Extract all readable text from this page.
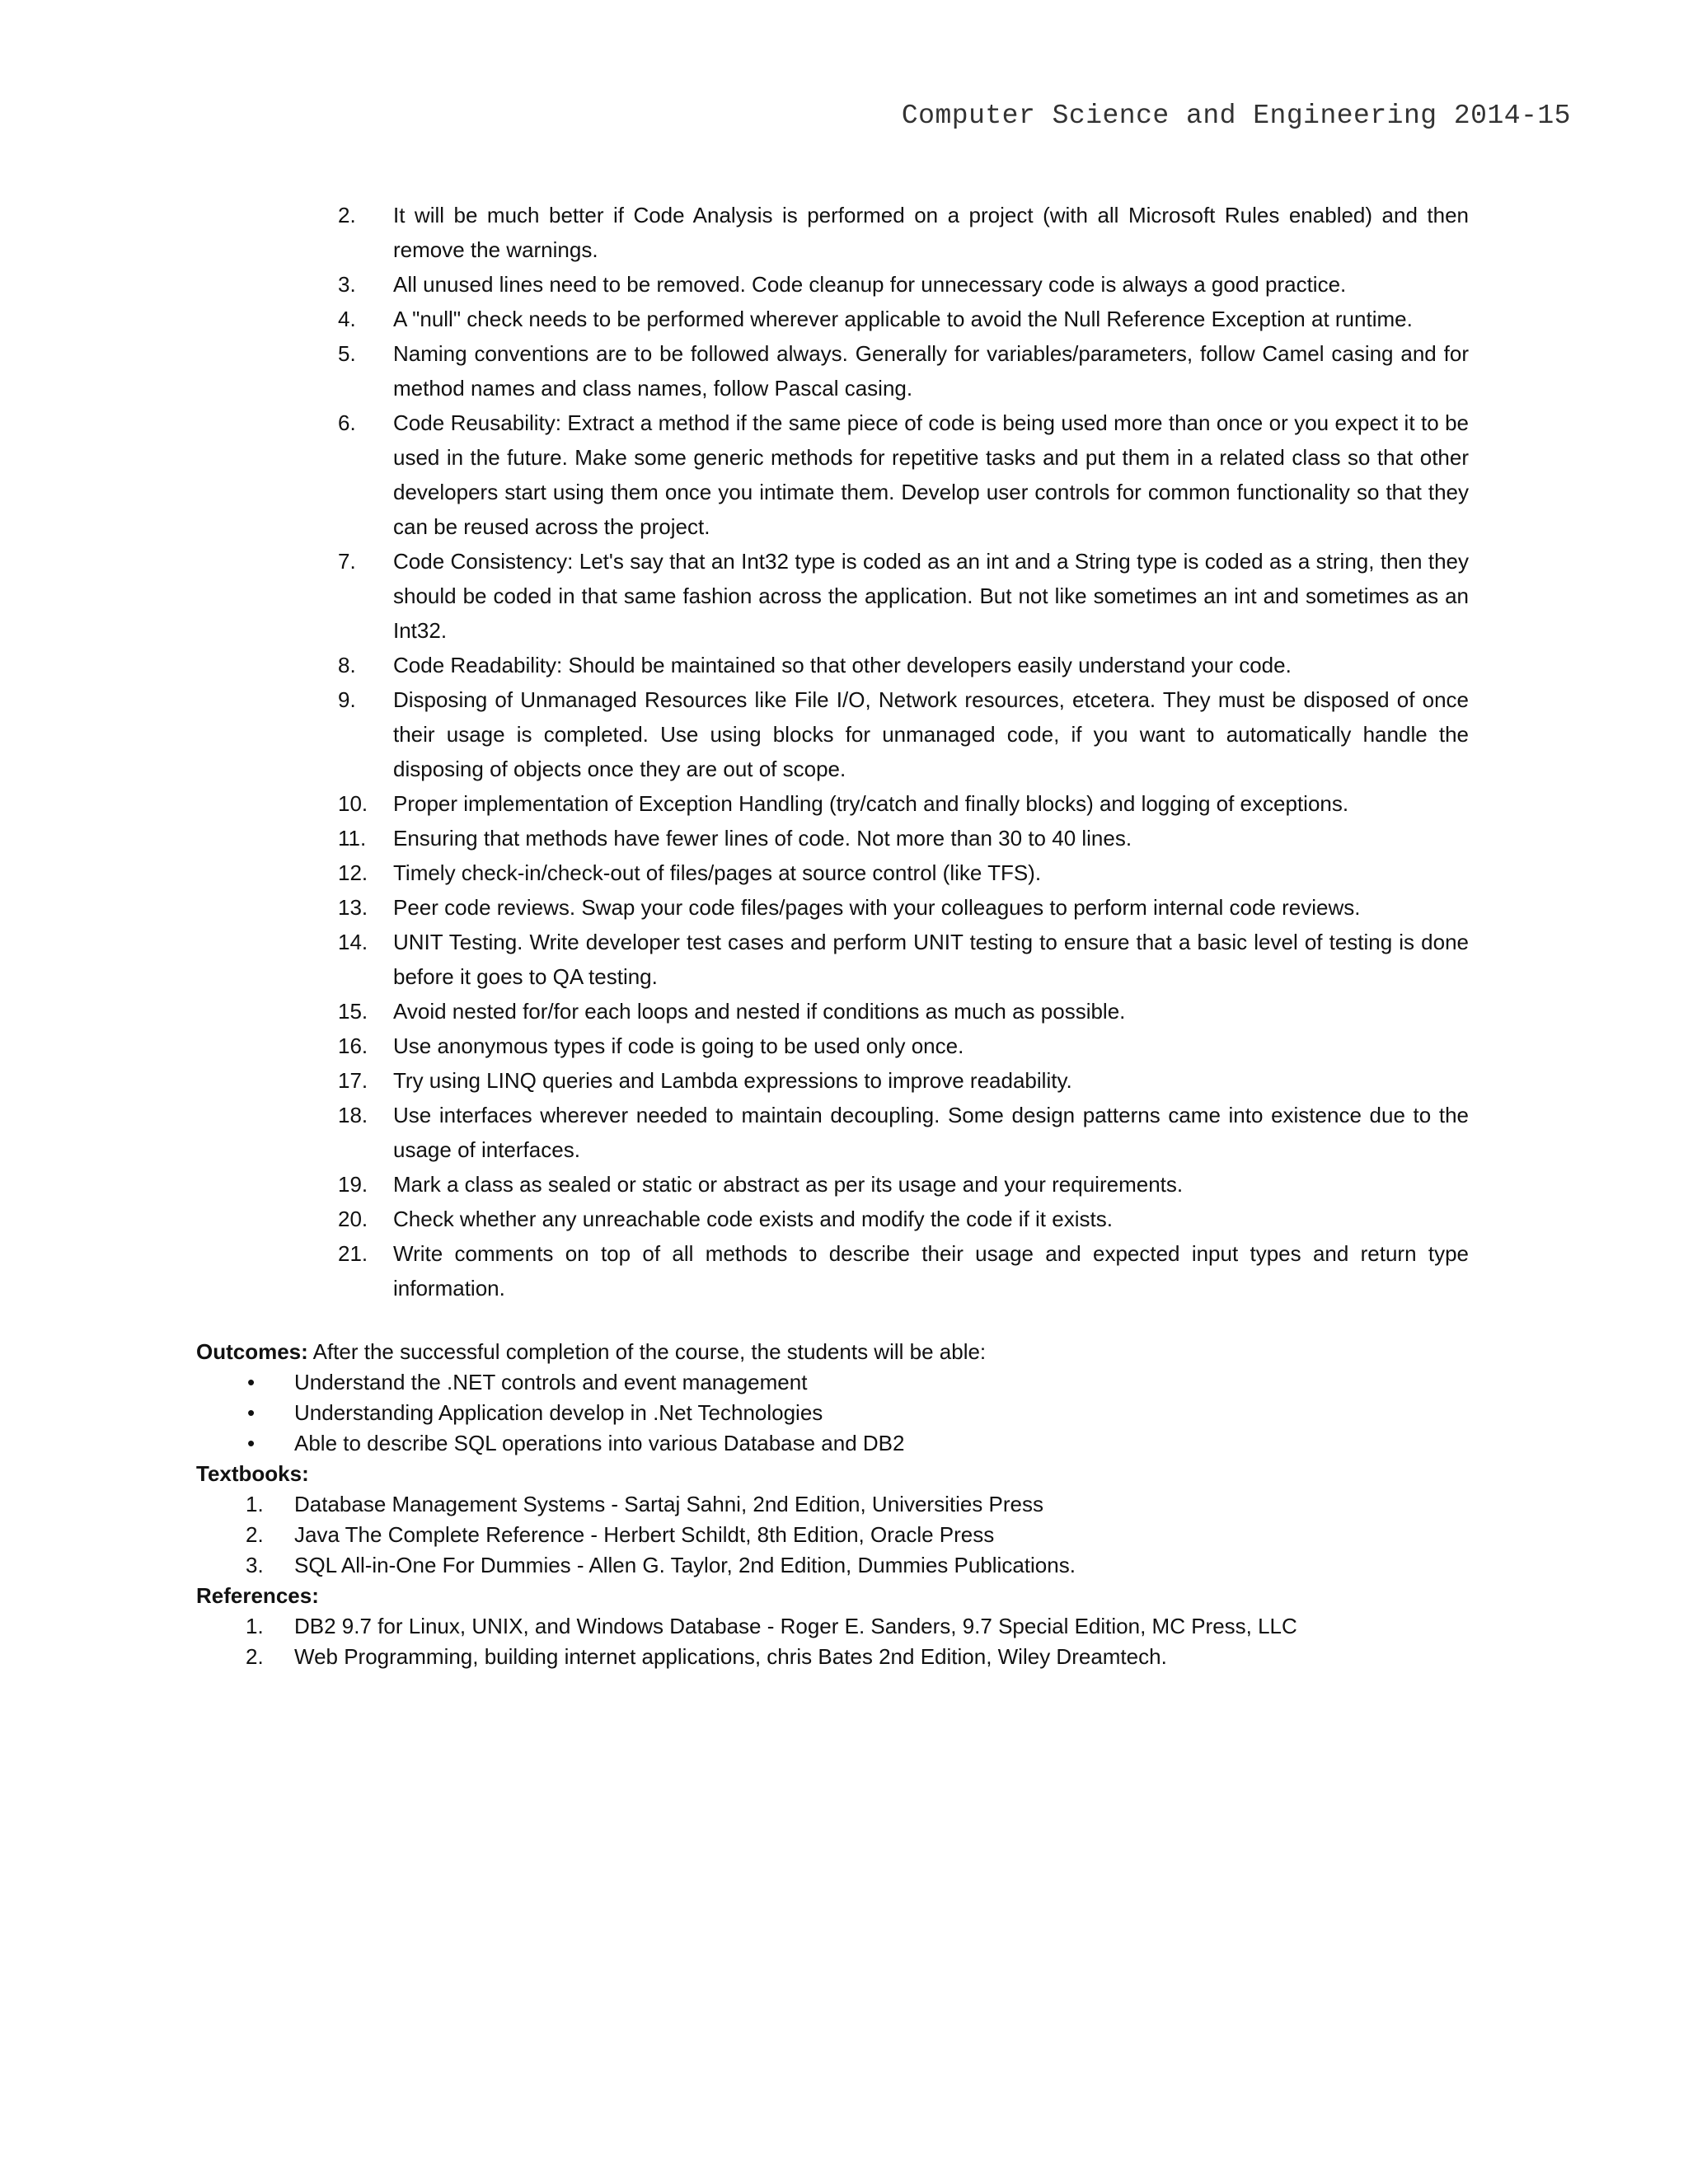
Computer Science and Engineering 2014-15
2.	It will be much better if Code Analysis is performed on a project (with all Microsoft Rules enabled) and then remove the warnings.
3.	All unused lines need to be removed. Code cleanup for unnecessary code is always a good practice.
4.	A "null" check needs to be performed wherever applicable to avoid the Null Reference Exception at runtime.
5.	Naming conventions are to be followed always. Generally for variables/parameters, follow Camel casing and for method names and class names, follow Pascal casing.
6.	Code Reusability: Extract a method if the same piece of code is being used more than once or you expect it to be used in the future. Make some generic methods for repetitive tasks and put them in a related class so that other developers start using them once you intimate them. Develop user controls for common functionality so that they can be reused across the project.
7.	Code Consistency: Let's say that an Int32 type is coded as an int and a String type is coded as a string, then they should be coded in that same fashion across the application. But not like sometimes an int and sometimes as an Int32.
8.	Code Readability: Should be maintained so that other developers easily understand your code.
9.	Disposing of Unmanaged Resources like File I/O, Network resources, etcetera. They must be disposed of once their usage is completed. Use using blocks for unmanaged code, if you want to automatically handle the disposing of objects once they are out of scope.
10.	Proper implementation of Exception Handling (try/catch and finally blocks) and logging of exceptions.
11.	Ensuring that methods have fewer lines of code. Not more than 30 to 40 lines.
12.	Timely check-in/check-out of files/pages at source control (like TFS).
13.	Peer code reviews. Swap your code files/pages with your colleagues to perform internal code reviews.
14.	UNIT Testing. Write developer test cases and perform UNIT testing to ensure that a basic level of testing is done before it goes to QA testing.
15.	Avoid nested for/for each loops and nested if conditions as much as possible.
16.	Use anonymous types if code is going to be used only once.
17.	Try using LINQ queries and Lambda expressions to improve readability.
18.	Use interfaces wherever needed to maintain decoupling. Some design patterns came into existence due to the usage of interfaces.
19.	Mark a class as sealed or static or abstract as per its usage and your requirements.
20.	Check whether any unreachable code exists and modify the code if it exists.
21.	Write comments on top of all methods to describe their usage and expected input types and return type information.
Outcomes: After the successful completion of the course, the students will be able:
• Understand the .NET controls and event management
• Understanding Application develop in .Net Technologies
• Able to describe SQL operations into various Database and DB2
Textbooks:
1. Database Management Systems - Sartaj Sahni, 2nd Edition, Universities Press
2. Java The Complete Reference - Herbert Schildt, 8th Edition, Oracle Press
3. SQL All-in-One For Dummies - Allen G. Taylor, 2nd Edition, Dummies Publications.
References:
1. DB2 9.7 for Linux, UNIX, and Windows Database - Roger E. Sanders, 9.7 Special Edition, MC Press, LLC
2. Web Programming, building internet applications, chris Bates 2nd Edition, Wiley Dreamtech.
